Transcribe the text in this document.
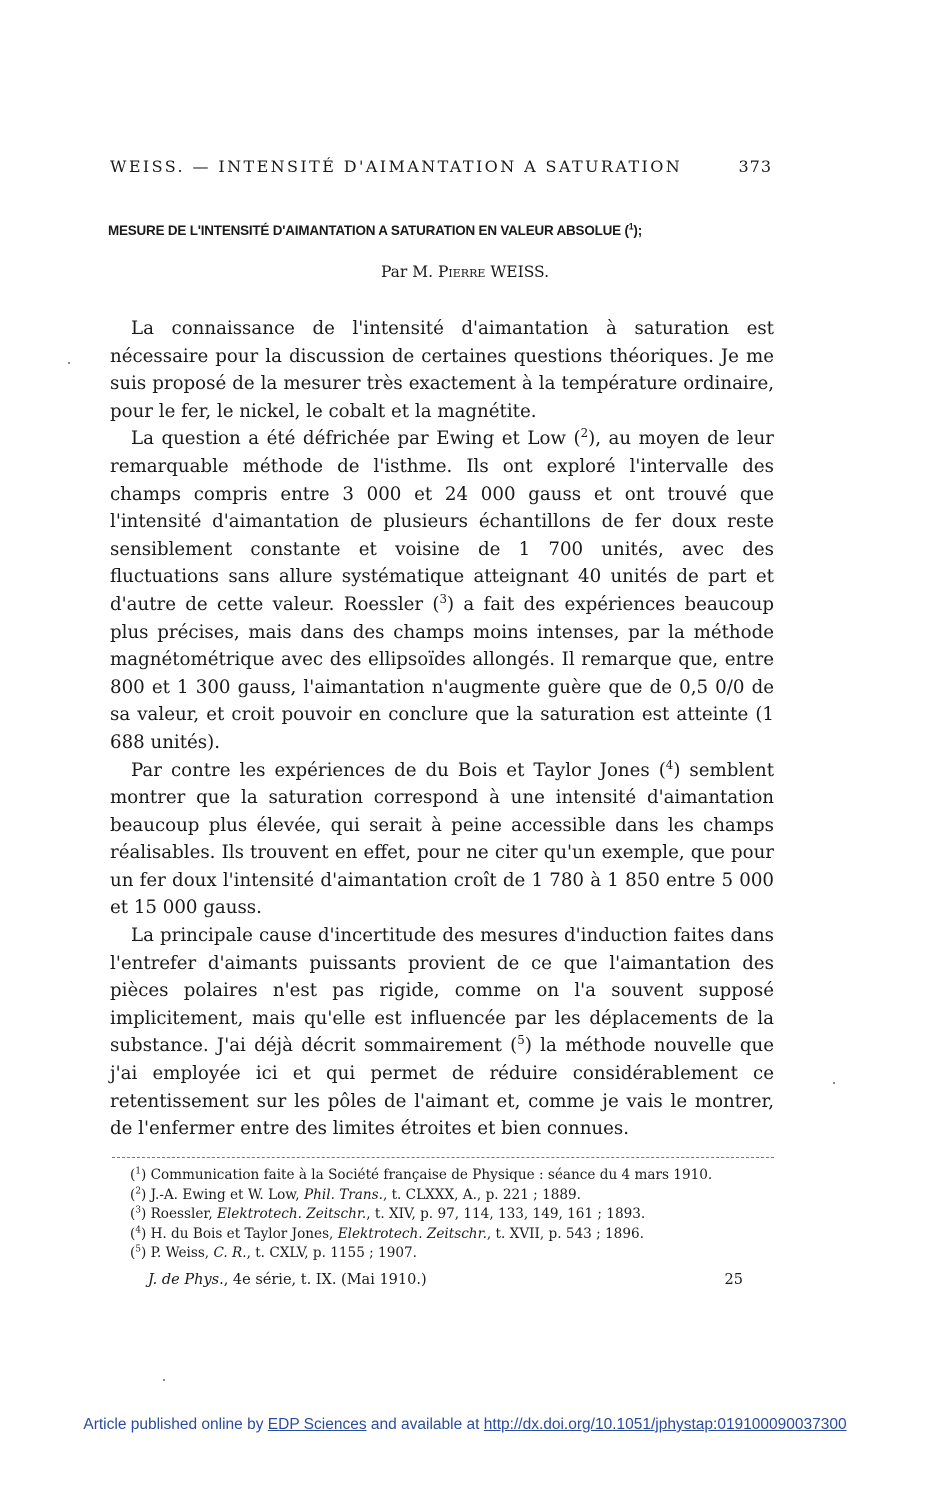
WEISS. — INTENSITÉ D'AIMANTATION A SATURATION	373
MESURE DE L'INTENSITÉ D'AIMANTATION A SATURATION EN VALEUR ABSOLUE ($^1$);
Par M. Pierre WEISS.

La connaissance de l'intensité d'aimantation à saturation est nécessaire pour la discussion de certaines questions théoriques. Je me suis proposé de la mesurer très exactement à la température ordinaire, pour le fer, le nickel, le cobalt et la magnétite.

La question a été défrichée par Ewing et Low ($^2$), au moyen de leur remarquable méthode de l'isthme. Ils ont exploré l'intervalle des champs compris entre 3 000 et 24 000 gauss et ont trouvé que l'intensité d'aimantation de plusieurs échantillons de fer doux reste sensiblement constante et voisine de 1 700 unités, avec des fluctuations sans allure systématique atteignant 40 unités de part et d'autre de cette valeur. Roessler ($^3$) a fait des expériences beaucoup plus précises, mais dans des champs moins intenses, par la méthode magnétométrique avec des ellipsoïdes allongés. Il remarque que, entre 800 et 1 300 gauss, l'aimantation n'augmente guère que de 0,5 0/0 de sa valeur, et croit pouvoir en conclure que la saturation est atteinte (1 688 unités).

Par contre les expériences de du Bois et Taylor Jones ($^4$) semblent montrer que la saturation correspond à une intensité d'aimantation beaucoup plus élevée, qui serait à peine accessible dans les champs réalisables. Ils trouvent en effet, pour ne citer qu'un exemple, que pour un fer doux l'intensité d'aimantation croît de 1 780 à 1 850 entre 5 000 et 15 000 gauss.

La principale cause d'incertitude des mesures d'induction faites dans l'entrefer d'aimants puissants provient de ce que l'aimantation des pièces polaires n'est pas rigide, comme on l'a souvent supposé implicitement, mais qu'elle est influencée par les déplacements de la substance. J'ai déjà décrit sommairement ($^5$) la méthode nouvelle que j'ai employée ici et qui permet de réduire considérablement ce retentissement sur les pôles de l'aimant et, comme je vais le montrer, de l'enfermer entre des limites étroites et bien connues.

($^1$) Communication faite à la Société française de Physique : séance du 4 mars 1910.

($^2$) J.-A. Ewing et W. Low, Phil. Trans., t. CLXXX, A., p. 221 ; 1889.

($^3$) Roessler, Elektrotech. Zeitschr., t. XIV, p. 97, 114, 133, 149, 161 ; 1893.

($^4$) H. du Bois et Taylor Jones, Elektrotech. Zeitschr., t. XVII, p. 543 ; 1896.

($^5$) P. Weiss, C. R., t. CXLV, p. 1155 ; 1907.

J. de Phys., 4e série, t. IX. (Mai 1910.)	25
Article published online by EDP Sciences and available at http://dx.doi.org/10.1051/jphystap:019100090037300
